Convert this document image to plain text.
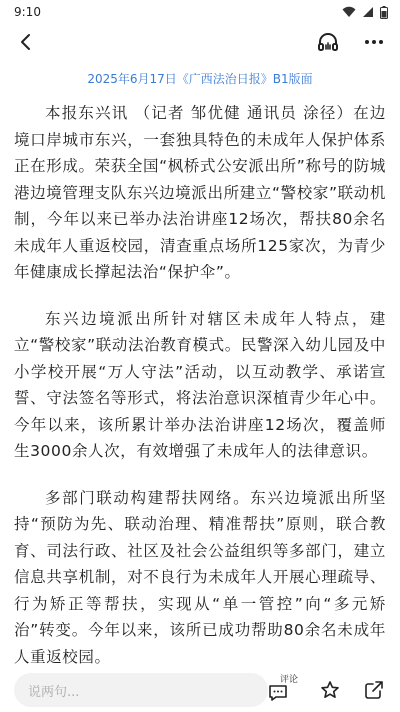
9:10
2025年6月17日《广西法治日报》B1版面

本报东兴讯 （记者 邹优健 通讯员 涂径）在边境口岸城市东兴，一套独具特色的未成年人保护体系正在形成。荣获全国“枫桥式公安派出所”称号的防城港边境管理支队东兴边境派出所建立“警校家”联动机制，今年以来已举办法治讲座12场次，帮扶80余名未成年人重返校园，清查重点场所125家次，为青少年健康成长撑起法治“保护伞”。

东兴边境派出所针对辖区未成年人特点，建立“警校家”联动法治教育模式。民警深入幼儿园及中小学校开展“万人守法”活动，以互动教学、承诺宣誓、守法签名等形式，将法治意识深植青少年心中。今年以来，该所累计举办法治讲座12场次，覆盖师生3000余人次，有效增强了未成年人的法律意识。

多部门联动构建帮扶网络。东兴边境派出所坚持“预防为先、联动治理、精准帮扶”原则，联合教育、司法行政、社区及社会公益组织等多部门，建立信息共享机制，对不良行为未成年人开展心理疏导、行为矫正等帮扶，实现从“单一管控”向“多元矫治”转变。今年以来，该所已成功帮助80余名未成年人重返校园。

说两句...
评论
